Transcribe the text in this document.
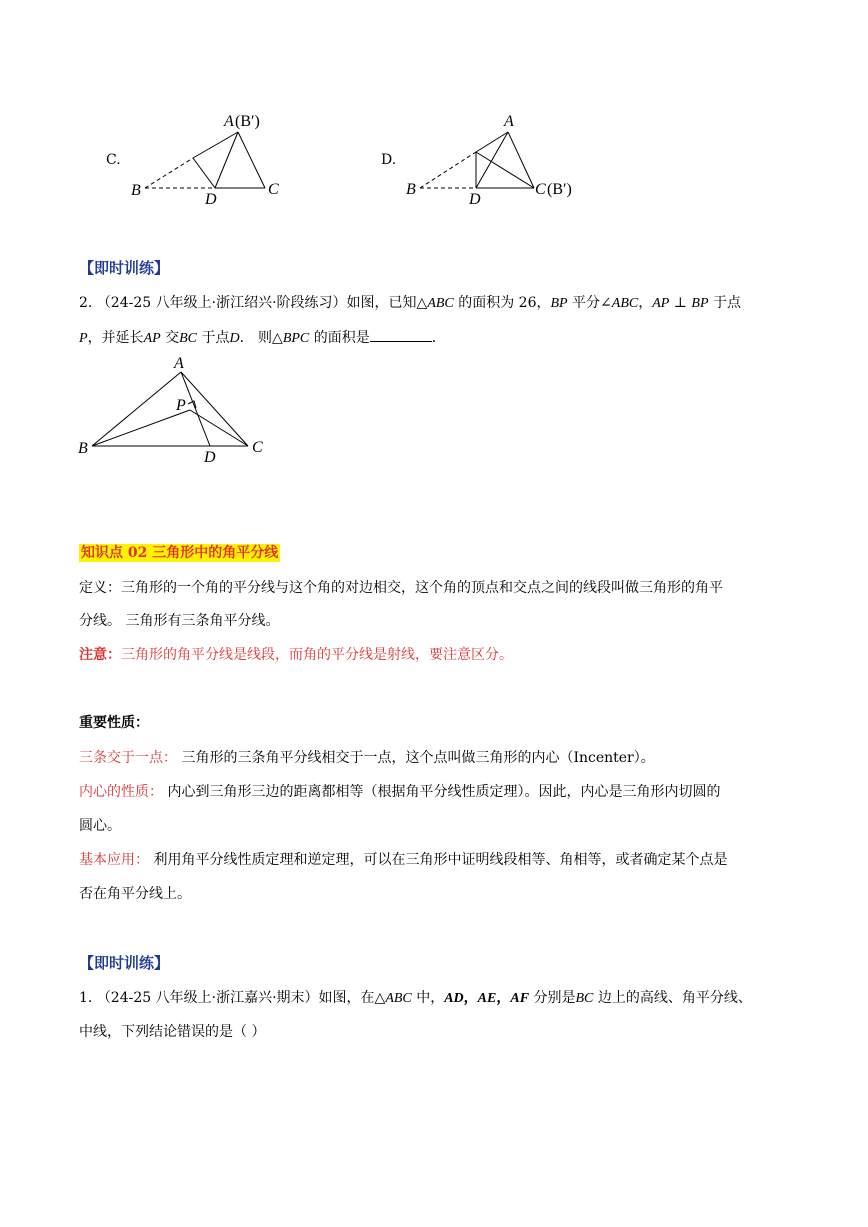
C.
A (B′)
B
D
C
D.
A
B
D
C (B′)
【即时训练】
2. （24-25 八年级上·浙江绍兴·阶段练习）如图，已知△ABC 的面积为 26，BP 平分∠ABC，AP ⊥ BP 于点
P，并延长AP 交BC 于点D． 则△BPC 的面积是	．
A
P
B
D
C
知识点 02 三角形中的角平分线
定义：三角形的一个角的平分线与这个角的对边相交，这个角的顶点和交点之间的线段叫做三角形的角平
分线。 三角形有三条角平分线。
注意：三角形的角平分线是线段，而角的平分线是射线，要注意区分。
重要性质：
三条交于一点： 三角形的三条角平分线相交于一点，这个点叫做三角形的内心（Incenter）。
内心的性质： 内心到三角形三边的距离都相等（根据角平分线性质定理）。因此，内心是三角形内切圆的
圆心。
基本应用： 利用角平分线性质定理和逆定理，可以在三角形中证明线段相等、角相等，或者确定某个点是
否在角平分线上。
【即时训练】
1. （24-25 八年级上·浙江嘉兴·期末）如图，在△ABC 中，AD，AE，AF 分别是BC 边上的高线、角平分线、
中线，下列结论错误的是（ ）
